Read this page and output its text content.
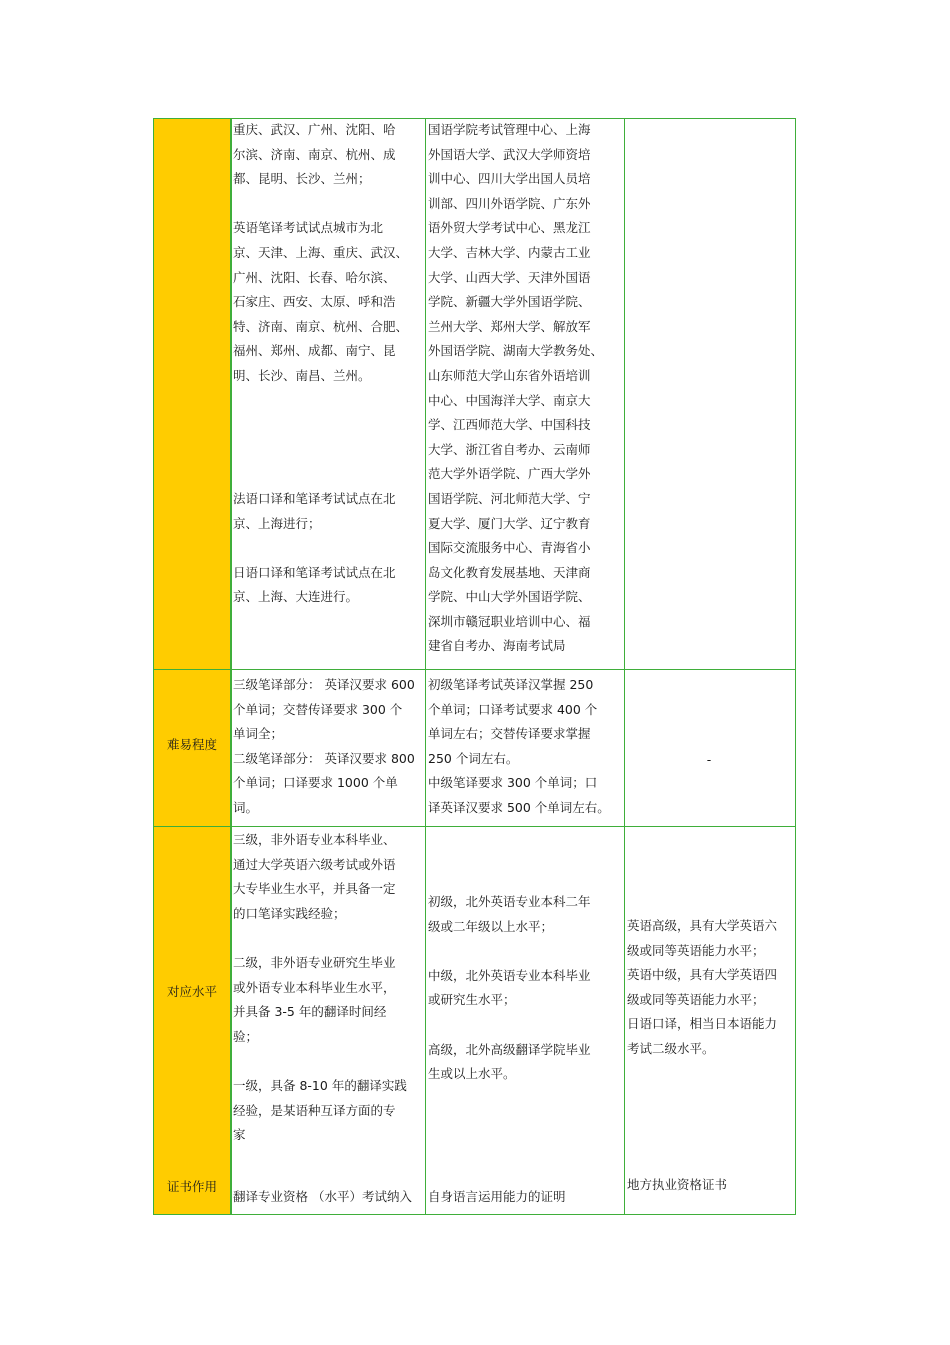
重庆、武汉、广州、沈阳、哈
尔滨、济南、南京、杭州、成
都、昆明、长沙、兰州；

英语笔译考试试点城市为北
京、天津、上海、重庆、武汉、
广州、沈阳、长春、哈尔滨、
石家庄、西安、太原、呼和浩
特、济南、南京、杭州、合肥、
福州、郑州、成都、南宁、昆
明、长沙、南昌、兰州。

法语口译和笔译考试试点在北
京、上海进行；

日语口译和笔译考试试点在北
京、上海、大连进行。

国语学院考试管理中心、上海
外国语大学、武汉大学师资培
训中心、四川大学出国人员培
训部、四川外语学院、广东外
语外贸大学考试中心、黑龙江
大学、吉林大学、内蒙古工业
大学、山西大学、天津外国语
学院、新疆大学外国语学院、
兰州大学、郑州大学、解放军
外国语学院、湖南大学教务处、
山东师范大学山东省外语培训
中心、中国海洋大学、南京大
学、江西师范大学、中国科技
大学、浙江省自考办、云南师
范大学外语学院、广西大学外
国语学院、河北师范大学、宁
夏大学、厦门大学、辽宁教育
国际交流服务中心、青海省小
岛文化教育发展基地、天津商
学院、中山大学外国语学院、
深圳市赣冠职业培训中心、福
建省自考办、海南考试局

难易程度

三级笔译部分： 英译汉要求 600
个单词；交替传译要求 300 个
单词全；
二级笔译部分： 英译汉要求 800
个单词；口译要求 1000 个单
词。

初级笔译考试英译汉掌握 250
个单词；口译考试要求 400 个
单词左右；交替传译要求掌握
250 个词左右。
中级笔译要求 300 个单词；口
译英译汉要求 500 个单词左右。

-

对应水平

三级，非外语专业本科毕业、
通过大学英语六级考试或外语
大专毕业生水平，并具备一定
的口笔译实践经验；

二级，非外语专业研究生毕业
或外语专业本科毕业生水平，
并具备 3-5 年的翻译时间经
验；

一级，具备 8-10 年的翻译实践
经验，是某语种互译方面的专
家

初级，北外英语专业本科二年
级或二年级以上水平；

中级，北外英语专业本科毕业
或研究生水平；

高级，北外高级翻译学院毕业
生或以上水平。

英语高级，具有大学英语六
级或同等英语能力水平；
英语中级，具有大学英语四
级或同等英语能力水平；
日语口译，相当日本语能力
考试二级水平。

证书作用

翻译专业资格 （水平）考试纳入	自身语言运用能力的证明

地方执业资格证书
